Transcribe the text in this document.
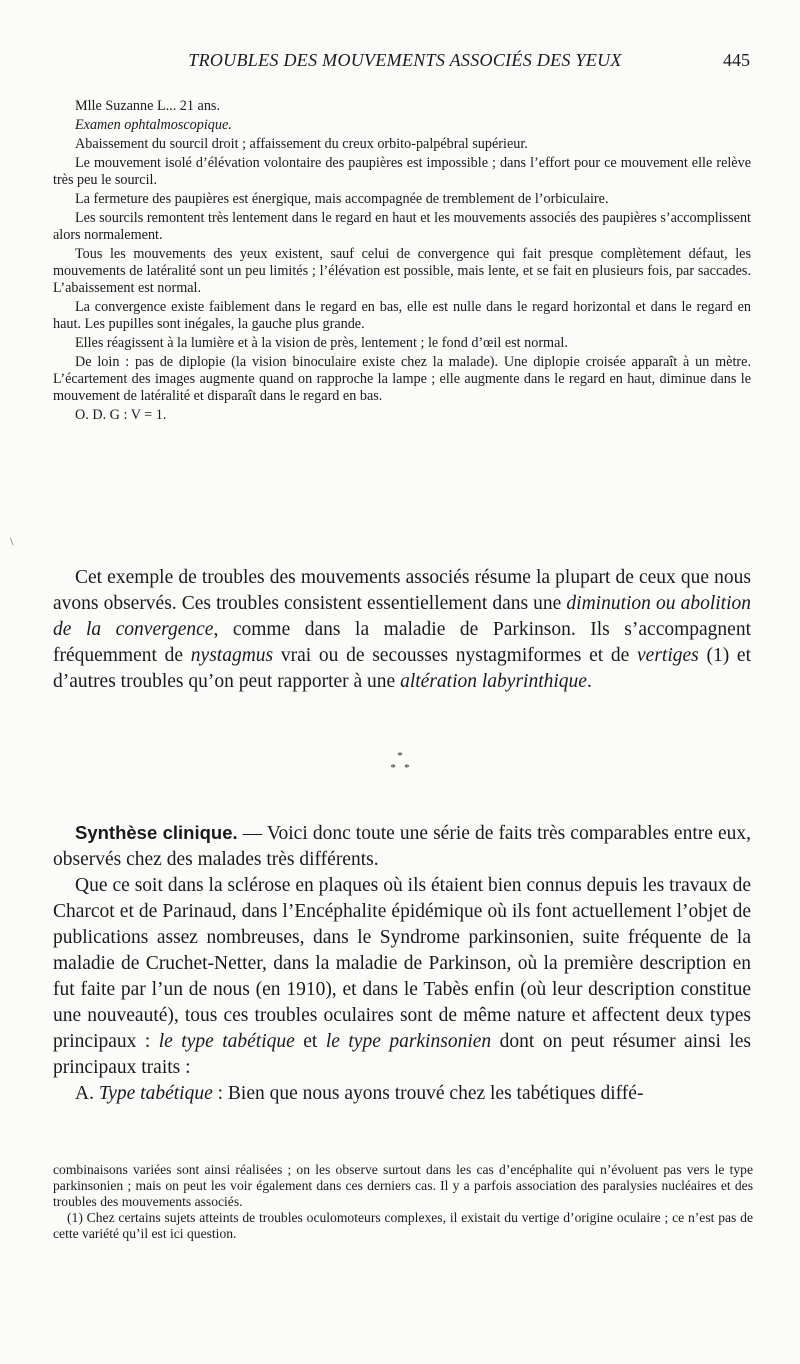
TROUBLES DES MOUVEMENTS ASSOCIÉS DES YEUX	445

Mlle Suzanne L... 21 ans.

Examen ophtalmoscopique.

Abaissement du sourcil droit ; affaissement du creux orbito-palpébral supérieur.

Le mouvement isolé d’élévation volontaire des paupières est impossible ; dans l’effort pour ce mouvement elle relève très peu le sourcil.

La fermeture des paupières est énergique, mais accompagnée de tremblement de l’orbiculaire.

Les sourcils remontent très lentement dans le regard en haut et les mouvements associés des paupières s’accomplissent alors normalement.

Tous les mouvements des yeux existent, sauf celui de convergence qui fait presque complètement défaut, les mouvements de latéralité sont un peu limités ; l’élévation est possible, mais lente, et se fait en plusieurs fois, par saccades. L’abaissement est normal.

La convergence existe faiblement dans le regard en bas, elle est nulle dans le regard horizontal et dans le regard en haut. Les pupilles sont inégales, la gauche plus grande.

Elles réagissent à la lumière et à la vision de près, lentement ; le fond d’œil est normal.

De loin : pas de diplopie (la vision binoculaire existe chez la malade). Une diplopie croisée apparaît à un mètre. L’écartement des images augmente quand on rapproche la lampe ; elle augmente dans le regard en haut, diminue dans le mouvement de latéralité et disparaît dans le regard en bas.

O. D. G : V = 1.

\

Cet exemple de troubles des mouvements associés résume la plupart de ceux que nous avons observés. Ces troubles consistent essentiellement dans une diminution ou abolition de la convergence, comme dans la maladie de Parkinson. Ils s’accompagnent fréquemment de nystagmus vrai ou de secousses nystagmiformes et de vertiges (1) et d’autres troubles qu’on peut rapporter à une altération labyrinthique.

*
*   *

Synthèse clinique. — Voici donc toute une série de faits très comparables entre eux, observés chez des malades très différents.

Que ce soit dans la sclérose en plaques où ils étaient bien connus depuis les travaux de Charcot et de Parinaud, dans l’Encéphalite épidémique où ils font actuellement l’objet de publications assez nombreuses, dans le Syndrome parkinsonien, suite fréquente de la maladie de Cruchet-Netter, dans la maladie de Parkinson, où la première description en fut faite par l’un de nous (en 1910), et dans le Tabès enfin (où leur description constitue une nouveauté), tous ces troubles oculaires sont de même nature et affectent deux types principaux : le type tabétique et le type parkinsonien dont on peut résumer ainsi les principaux traits :

A. Type tabétique : Bien que nous ayons trouvé chez les tabétiques diffé-

combinaisons variées sont ainsi réalisées ; on les observe surtout dans les cas d’encéphalite qui n’évoluent pas vers le type parkinsonien ; mais on peut les voir également dans ces derniers cas. Il y a parfois association des paralysies nucléaires et des troubles des mouvements associés.

(1) Chez certains sujets atteints de troubles oculomoteurs complexes, il existait du vertige d’origine oculaire ; ce n’est pas de cette variété qu’il est ici question.
